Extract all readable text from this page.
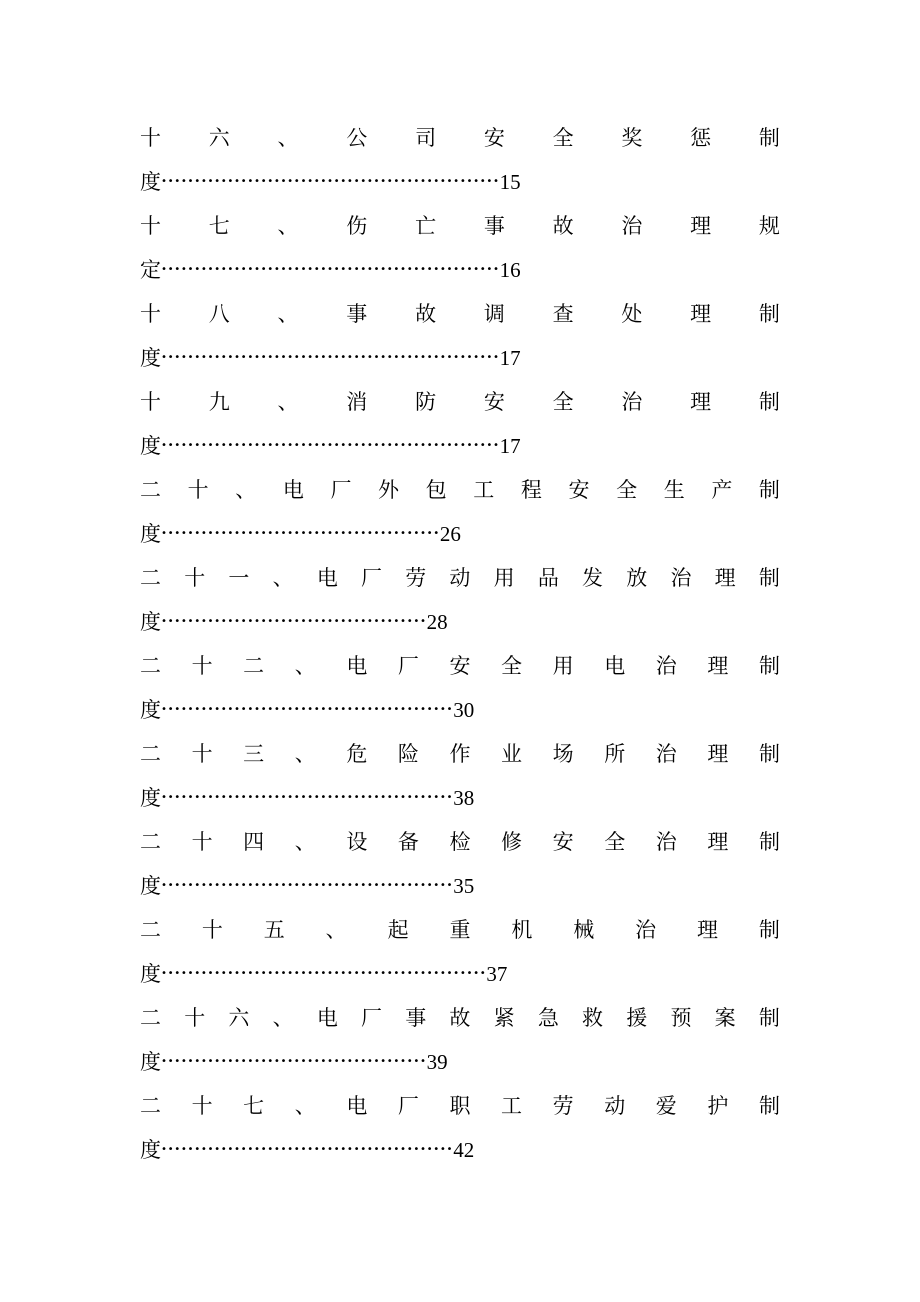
十 六 、 公 司 安 全 奖 惩 制
度•••••••••••••••••••••••••••••••••••••••••••••••••••15
十 七 、 伤 亡 事 故 治 理 规
定•••••••••••••••••••••••••••••••••••••••••••••••••••16
十 八 、 事 故 调 查 处 理 制
度•••••••••••••••••••••••••••••••••••••••••••••••••••17
十 九 、 消 防 安 全 治 理 制
度•••••••••••••••••••••••••••••••••••••••••••••••••••17
二 十 、 电 厂 外 包 工 程 安 全 生 产 制
度••••••••••••••••••••••••••••••••••••••••••26
二 十 一 、 电 厂 劳 动 用 品 发 放 治 理 制
度••••••••••••••••••••••••••••••••••••••••28
二 十 二 、 电 厂 安 全 用 电 治 理 制
度••••••••••••••••••••••••••••••••••••••••••••30
二 十 三 、 危 险 作 业 场 所 治 理 制
度••••••••••••••••••••••••••••••••••••••••••••38
二 十 四 、 设 备 检 修 安 全 治 理 制
度••••••••••••••••••••••••••••••••••••••••••••35
二 十 五 、 起 重 机 械 治 理 制
度•••••••••••••••••••••••••••••••••••••••••••••••••37
二 十 六 、 电 厂 事 故 紧 急 救 援 预 案 制
度••••••••••••••••••••••••••••••••••••••••39
二 十 七 、 电 厂 职 工 劳 动 爱 护 制
度••••••••••••••••••••••••••••••••••••••••••••42
